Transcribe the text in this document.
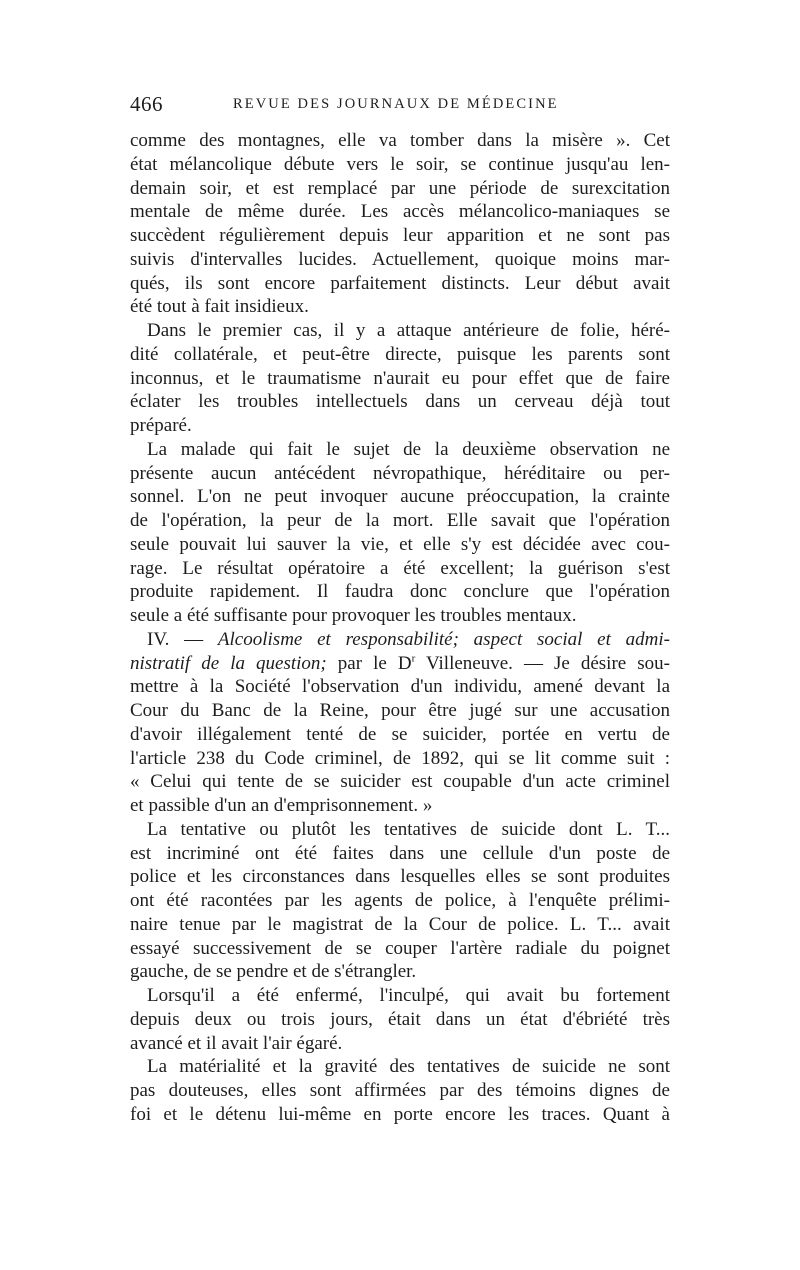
466	REVUE DES JOURNAUX DE MÉDECINE
comme des montagnes, elle va tomber dans la misère ». Cet
état mélancolique débute vers le soir, se continue jusqu'au len-
demain soir, et est remplacé par une période de surexcitation
mentale de même durée. Les accès mélancolico-maniaques se
succèdent régulièrement depuis leur apparition et ne sont pas
suivis d'intervalles lucides. Actuellement, quoique moins mar-
qués, ils sont encore parfaitement distincts. Leur début avait
été tout à fait insidieux.
Dans le premier cas, il y a attaque antérieure de folie, héré-
dité collatérale, et peut-être directe, puisque les parents sont
inconnus, et le traumatisme n'aurait eu pour effet que de faire
éclater les troubles intellectuels dans un cerveau déjà tout
préparé.
La malade qui fait le sujet de la deuxième observation ne
présente aucun antécédent névropathique, héréditaire ou per-
sonnel. L'on ne peut invoquer aucune préoccupation, la crainte
de l'opération, la peur de la mort. Elle savait que l'opération
seule pouvait lui sauver la vie, et elle s'y est décidée avec cou-
rage. Le résultat opératoire a été excellent; la guérison s'est
produite rapidement. Il faudra donc conclure que l'opération
seule a été suffisante pour provoquer les troubles mentaux.
IV. — Alcoolisme et responsabilité; aspect social et admi-
nistratif de la question; par le $D^r$ Villeneuve. — Je désire sou-
mettre à la Société l'observation d'un individu, amené devant la
Cour du Banc de la Reine, pour être jugé sur une accusation
d'avoir illégalement tenté de se suicider, portée en vertu de
l'article 238 du Code criminel, de 1892, qui se lit comme suit :
« Celui qui tente de se suicider est coupable d'un acte criminel
et passible d'un an d'emprisonnement. »
La tentative ou plutôt les tentatives de suicide dont L. T...
est incriminé ont été faites dans une cellule d'un poste de
police et les circonstances dans lesquelles elles se sont produites
ont été racontées par les agents de police, à l'enquête prélimi-
naire tenue par le magistrat de la Cour de police. L. T... avait
essayé successivement de se couper l'artère radiale du poignet
gauche, de se pendre et de s'étrangler.
Lorsqu'il a été enfermé, l'inculpé, qui avait bu fortement
depuis deux ou trois jours, était dans un état d'ébriété très
avancé et il avait l'air égaré.
La matérialité et la gravité des tentatives de suicide ne sont
pas douteuses, elles sont affirmées par des témoins dignes de
foi et le détenu lui-même en porte encore les traces. Quant à
